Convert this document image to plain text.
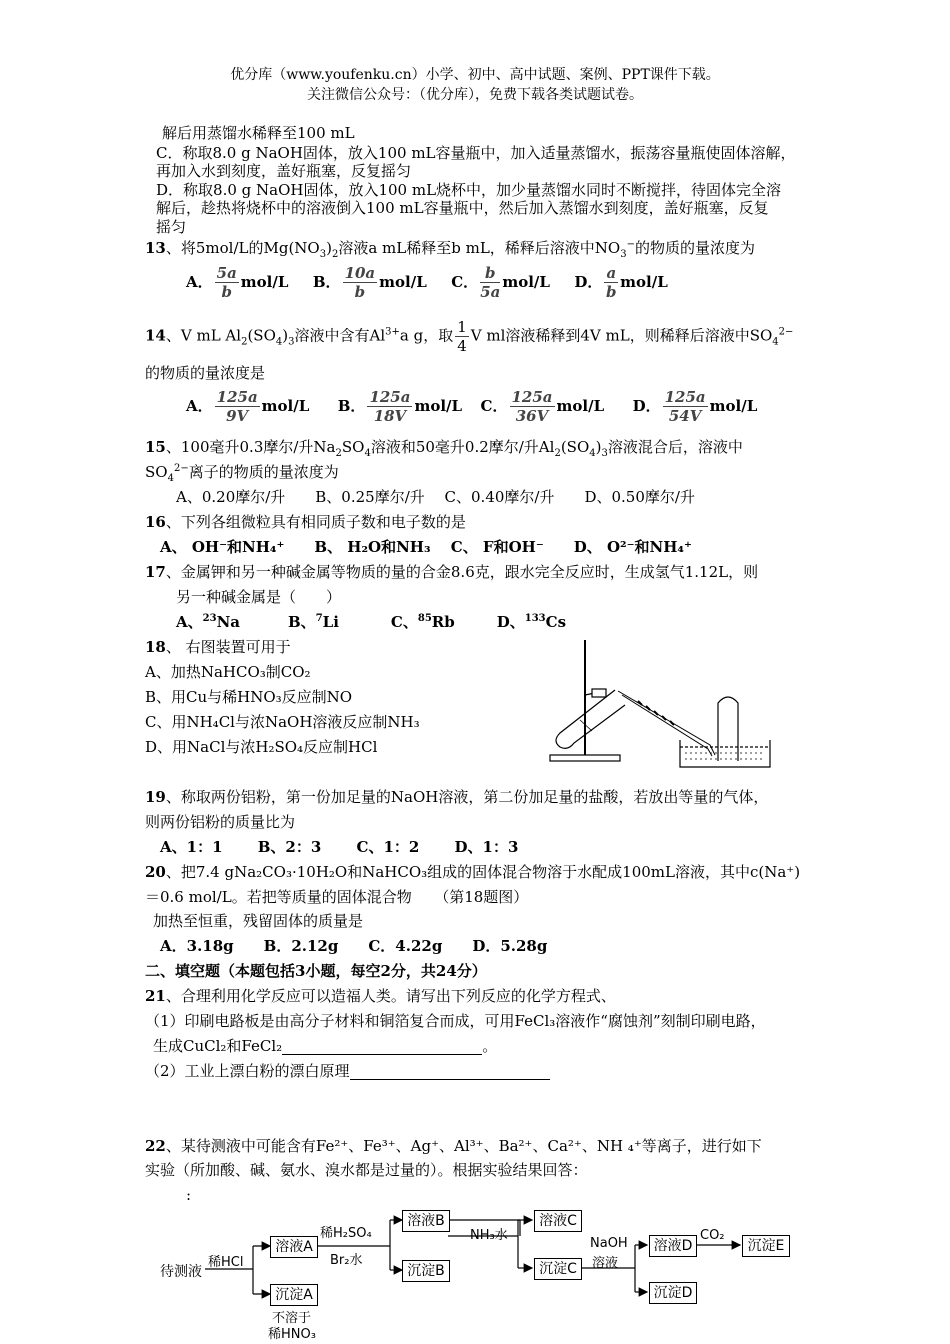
优分库（www.youfenku.cn）小学、初中、高中试题、案例、PPT课件下载。
关注微信公众号：（优分库），免费下载各类试题试卷。
解后用蒸馏水稀释至100 mL
C．称取8.0 g NaOH固体，放入100 mL容量瓶中，加入适量蒸馏水，振荡容量瓶使固体溶解，
再加入水到刻度，盖好瓶塞，反复摇匀
D．称取8.0 g NaOH固体，放入100 mL烧杯中，加少量蒸馏水同时不断搅拌，待固体完全溶
解后，趁热将烧杯中的溶液倒入100 mL容量瓶中，然后加入蒸馏水到刻度，盖好瓶塞，反复
摇匀
13、将5mol/L的$Mg(NO_3)_2$溶液a mL稀释至b mL，稀释后溶液中$NO_3^-$的物质的量浓度为
A． $\frac{5a}{b} mol/L$ B． $\frac{10a}{b} mol/L$ C． $\frac{b}{5a} mol/L$ D． $\frac{a}{b} mol/L$
14、V mL $Al_2(SO_4)_3$溶液中含有$Al^{3+}a$ g，取 $\frac{1}{4}$ V ml溶液稀释到4V mL，则稀释后溶液中$SO_4^{2-}$
的物质的量浓度是
A． $\frac{125a}{9V} mol/L$ B． $\frac{125a}{18V} mol/L$ C． $\frac{125a}{36V} mol/L$ D． $\frac{125a}{54V} mol/L$
15、100毫升0.3摩尔/升$Na_2SO_4$溶液和50毫升0.2摩尔/升$Al_2(SO_4)_3$溶液混合后，溶液中
$SO_4^{2-}$离子的物质的量浓度为
A、0.20摩尔/升　　B、0.25摩尔/升　 C、0.40摩尔/升　　D、0.50摩尔/升
16、下列各组微粒具有相同质子数和电子数的是
A、 OH⁻和NH₄⁺　　B、 H₂O和NH₃　 C、 F和OH⁻　　D、 O²⁻和NH₄⁺
17、金属钾和另一种碱金属等物质的量的合金8.6克，跟水完全反应时，生成氢气1.12L，则
另一种碱金属是（　　）
A、$^{23}$Na	B、$^7$Li	C、$^{85}$Rb	D、$^{133}$Cs
18、 右图装置可用于
A、加热NaHCO₃制CO₂
B、用Cu与稀HNO₃反应制NO
C、用NH₄Cl与浓NaOH溶液反应制NH₃
D、用NaCl与浓H₂SO₄反应制HCl
19、称取两份铝粉，第一份加足量的NaOH溶液，第二份加足量的盐酸，若放出等量的气体，
则两份铝粉的质量比为
A、1：1　　 B、2：3　　 C、1：2　　 D、1：3
20、把7.4 gNa₂CO₃·10H₂O和NaHCO₃组成的固体混合物溶于水配成100mL溶液，其中c(Na⁺)
＝0.6 mol/L。若把等质量的固体混合物　　（第18题图）
加热至恒重，残留固体的质量是
A．3.18g　　B．2.12g　　C．4.22g　　D．5.28g
二、填空题（本题包括3小题，每空2分，共24分）
21、合理利用化学反应可以造福人类。请写出下列反应的化学方程式、
（1）印刷电路板是由高分子材料和铜箔复合而成，可用FeCl₃溶液作“腐蚀剂”刻制印刷电路，
生成CuCl₂和FeCl₂	。
（2）工业上漂白粉的漂白原理
22、某待测液中可能含有Fe²⁺、Fe³⁺、Ag⁺、Al³⁺、Ba²⁺、Ca²⁺、NH ₄⁺等离子，进行如下
实验（所加酸、碱、氨水、溴水都是过量的）。根据实验结果回答：
:
待测液
稀HCl
溶液A
沉淀A
不溶于
稀HNO₃
稀H₂SO₄
Br₂水
溶液B
沉淀B
NH₃水
溶液C
沉淀C
NaOH
溶液
溶液D
沉淀D
CO₂
沉淀E
